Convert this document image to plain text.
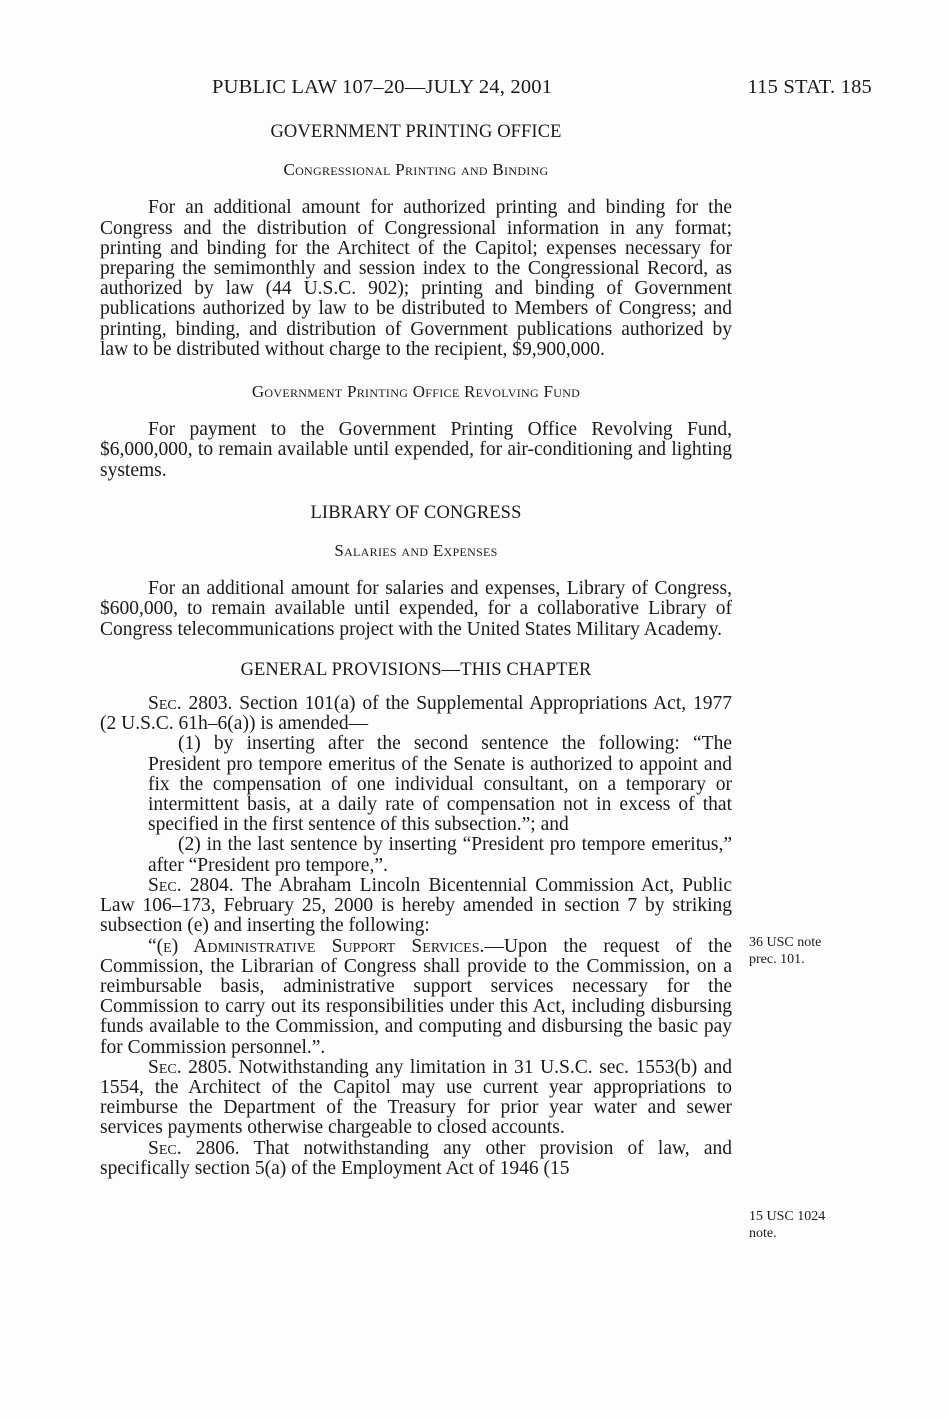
PUBLIC LAW 107–20—JULY 24, 2001	115 STAT. 185

GOVERNMENT PRINTING OFFICE

Congressional Printing and Binding

For an additional amount for authorized printing and binding for the Congress and the distribution of Congressional information in any format; printing and binding for the Architect of the Capitol; expenses necessary for preparing the semimonthly and session index to the Congressional Record, as authorized by law (44 U.S.C. 902); printing and binding of Government publications authorized by law to be distributed to Members of Congress; and printing, binding, and distribution of Government publications authorized by law to be distributed without charge to the recipient, $9,900,000.

Government Printing Office Revolving Fund

For payment to the Government Printing Office Revolving Fund, $6,000,000, to remain available until expended, for air-conditioning and lighting systems.

LIBRARY OF CONGRESS

Salaries and Expenses

For an additional amount for salaries and expenses, Library of Congress, $600,000, to remain available until expended, for a collaborative Library of Congress telecommunications project with the United States Military Academy.

GENERAL PROVISIONS—THIS CHAPTER

Sec. 2803. Section 101(a) of the Supplemental Appropriations Act, 1977 (2 U.S.C. 61h–6(a)) is amended—

(1) by inserting after the second sentence the following: “The President pro tempore emeritus of the Senate is authorized to appoint and fix the compensation of one individual consultant, on a temporary or intermittent basis, at a daily rate of compensation not in excess of that specified in the first sentence of this subsection.”; and

(2) in the last sentence by inserting “President pro tempore emeritus,” after “President pro tempore,”.

Sec. 2804. The Abraham Lincoln Bicentennial Commission Act, Public Law 106–173, February 25, 2000 is hereby amended in section 7 by striking subsection (e) and inserting the following:

“(e) Administrative Support Services.—Upon the request of the Commission, the Librarian of Congress shall provide to the Commission, on a reimbursable basis, administrative support services necessary for the Commission to carry out its responsibilities under this Act, including disbursing funds available to the Commission, and computing and disbursing the basic pay for Commission personnel.”.

Sec. 2805. Notwithstanding any limitation in 31 U.S.C. sec. 1553(b) and 1554, the Architect of the Capitol may use current year appropriations to reimburse the Department of the Treasury for prior year water and sewer services payments otherwise chargeable to closed accounts.

Sec. 2806. That notwithstanding any other provision of law, and specifically section 5(a) of the Employment Act of 1946 (15

36 USC note
prec. 101.
15 USC 1024
note.
